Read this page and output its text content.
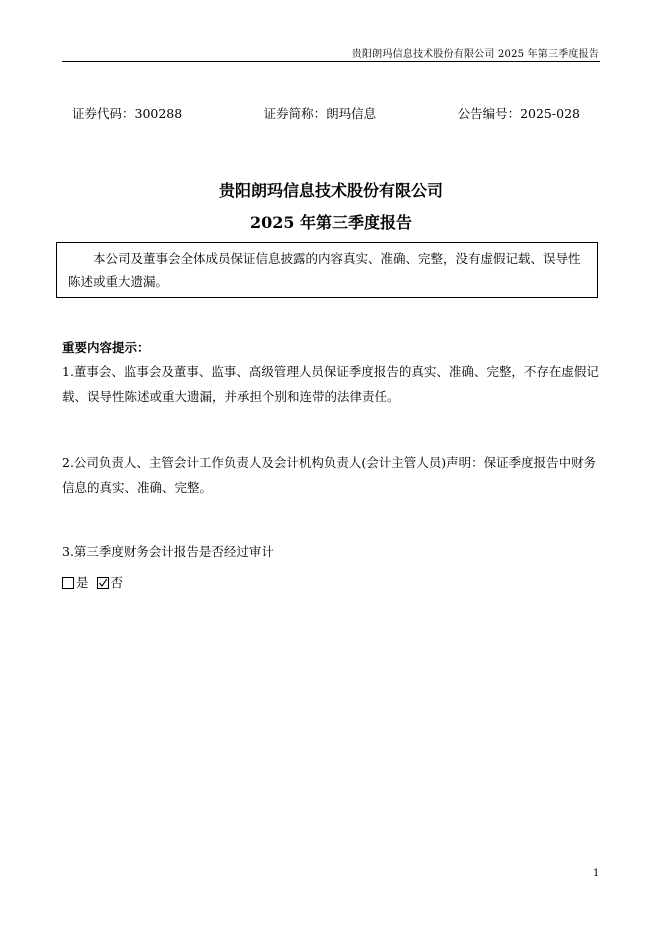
贵阳朗玛信息技术股份有限公司 2025 年第三季度报告
证券代码：300288	证券简称：朗玛信息	公告编号：2025-028
贵阳朗玛信息技术股份有限公司
2025 年第三季度报告
本公司及董事会全体成员保证信息披露的内容真实、准确、完整，没有虚假记载、误导性陈述或重大遗漏。
重要内容提示：
1.董事会、监事会及董事、监事、高级管理人员保证季度报告的真实、准确、完整，不存在虚假记载、误导性陈述或重大遗漏，并承担个别和连带的法律责任。
2.公司负责人、主管会计工作负责人及会计机构负责人(会计主管人员)声明：保证季度报告中财务信息的真实、准确、完整。
3.第三季度财务会计报告是否经过审计
是 否
1
